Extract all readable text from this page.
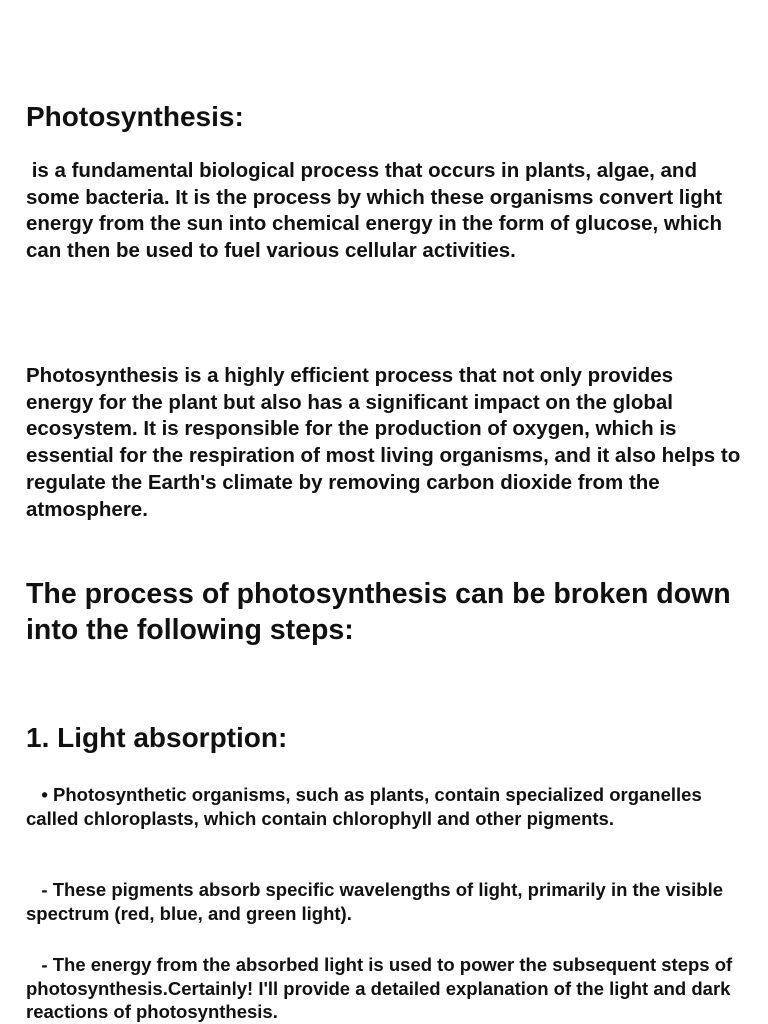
Photosynthesis:

is a fundamental biological process that occurs in plants, algae, and some bacteria. It is the process by which these organisms convert light energy from the sun into chemical energy in the form of glucose, which can then be used to fuel various cellular activities.

Photosynthesis is a highly efficient process that not only provides energy for the plant but also has a significant impact on the global ecosystem. It is responsible for the production of oxygen, which is essential for the respiration of most living organisms, and it also helps to regulate the Earth's climate by removing carbon dioxide from the atmosphere.

The process of photosynthesis can be broken down into the following steps:
1. Light absorption:

• Photosynthetic organisms, such as plants, contain specialized organelles called chloroplasts, which contain chlorophyll and other pigments.

- These pigments absorb specific wavelengths of light, primarily in the visible spectrum (red, blue, and green light).

- The energy from the absorbed light is used to power the subsequent steps of photosynthesis.Certainly! I'll provide a detailed explanation of the light and dark reactions of photosynthesis.
